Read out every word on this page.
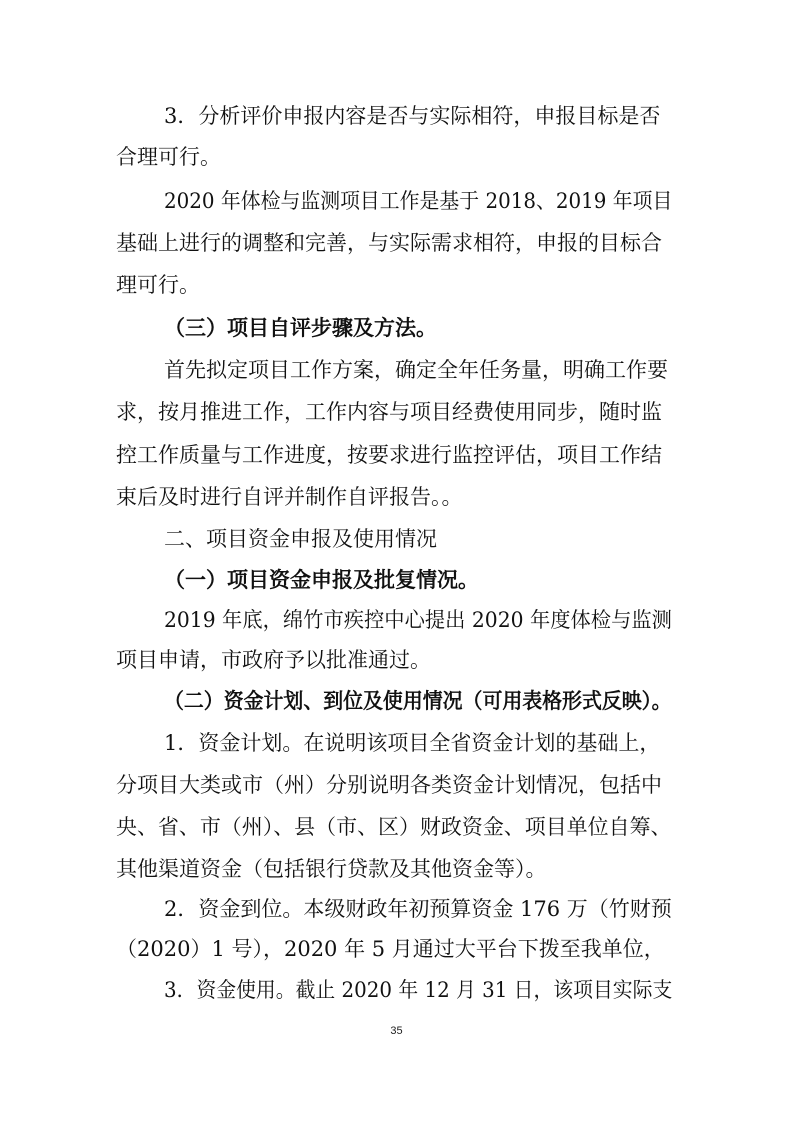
3．分析评价申报内容是否与实际相符，申报目标是否

合理可行。

2020 年体检与监测项目工作是基于 2018、2019 年项目

基础上进行的调整和完善，与实际需求相符，申报的目标合

理可行。

（三）项目自评步骤及方法。

首先拟定项目工作方案，确定全年任务量，明确工作要

求，按月推进工作，工作内容与项目经费使用同步，随时监

控工作质量与工作进度，按要求进行监控评估，项目工作结

束后及时进行自评并制作自评报告。。

二、项目资金申报及使用情况

（一）项目资金申报及批复情况。

2019 年底，绵竹市疾控中心提出 2020 年度体检与监测

项目申请，市政府予以批准通过。

（二）资金计划、到位及使用情况（可用表格形式反映）。

1．资金计划。在说明该项目全省资金计划的基础上，

分项目大类或市（州）分别说明各类资金计划情况，包括中

央、省、市（州）、县（市、区）财政资金、项目单位自筹、

其他渠道资金（包括银行贷款及其他资金等）。

2．资金到位。本级财政年初预算资金 176 万（竹财预

（2020）1 号），2020 年 5 月通过大平台下拨至我单位，

3．资金使用。截止 2020 年 12 月 31 日，该项目实际支

35
